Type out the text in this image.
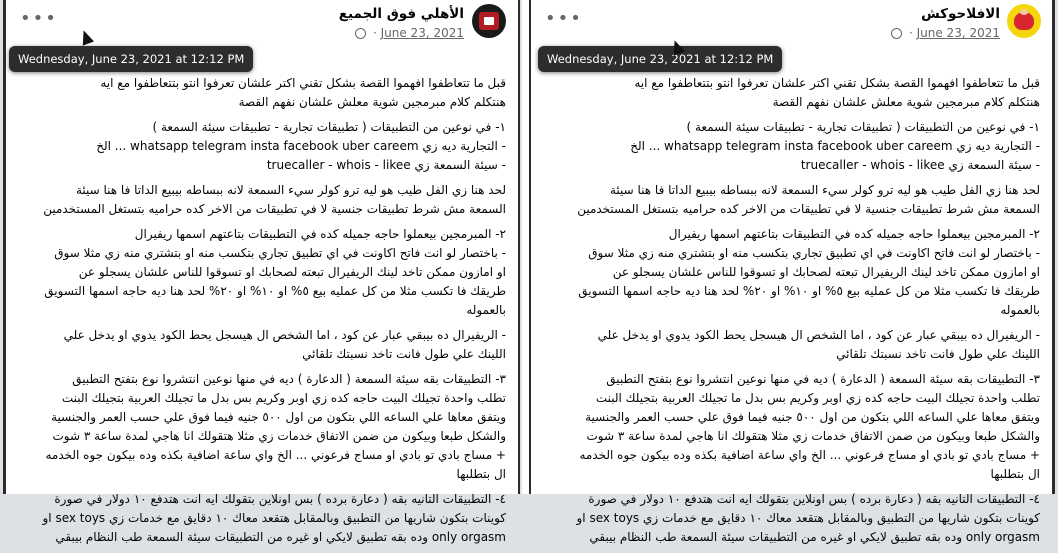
•••	الأهلي فوق الجميع
June 23, 2021 ·
Wednesday, June 23, 2021 at 12:12 PM

قبل ما تتعاطفوا افهموا القصة بشكل تقني اكتر علشان تعرفوا انتو بتتعاطفوا مع ايه
هنتكلم كلام مبرمجين شوية معلش علشان نفهم القصة

١- في نوعين من التطبيقات ( تطبيقات تجارية - تطبيقات سيئة السمعة )
- التجارية ديه زي whatsapp telegram insta facebook uber careem ... الخ
- سيئة السمعة زي truecaller - whois - likee

لحد هنا زي الفل طيب هو ليه ترو كولر سيء السمعة لانه ببساطه بيبيع الداتا فا هنا سيئة
السمعة مش شرط تطبيقات جنسية لا في تطبيقات من الاخر كده حراميه بتستغل المستخدمين

٢- المبرمجين بيعملوا حاجه جميله كده في التطبيقات بتاعتهم اسمها ريفيرال
- باختصار لو انت فاتح اكاونت في اي تطبيق تجاري بتكسب منه او بتشتري منه زي مثلا سوق
او امازون ممكن تاخد لينك الريفيرال تبعته لصحابك او تسوقوا للناس علشان يسجلو عن
طريقك فا تكسب مثلا من كل عمليه بيع ٥% او ١٠% او ٢٠% لحد هنا ديه حاجه اسمها التسويق
بالعموله

- الريفيرال ده بيبقي عبار عن كود ، اما الشخص ال هيسجل يحط الكود يدوي او يدخل علي
اللينك علي طول فانت تاخد نسبتك تلقائي

٣- التطبيقات بقه سيئة السمعة ( الدعارة ) ديه في منها نوعين انتشروا نوع بتفتح التطبيق
تطلب واحدة تجيلك البيت حاجه كده زي اوبر وكريم بس بدل ما تجيلك العربية بتجيلك البنت
ويتفق معاها علي الساعه اللي بتكون من اول ٥٠٠ جنيه فيما فوق علي حسب العمر والجنسية
والشكل طبعا وبيكون من ضمن الاتفاق خدمات زي مثلا هتقولك انا هاجي لمدة ساعة ٣ شوت
+ مساج بادي تو بادي او مساج فرعوني ... الخ واي ساعة اضافية بكذه وده بيكون جوه الخدمه
ال بتطلبها

٤- التطبيقات التانيه بقه ( دعارة برده ) بس اونلاين بتقولك ايه انت هتدفع ١٠ دولار في صورة
كوينات بتكون شاريها من التطبيق وبالمقابل هتقعد معاك ١٠ دقايق مع خدمات زي sex toys او
only orgasm وده بقه تطبيق لايكي او غيره من التطبيقات سيئة السمعة طب النظام بيبقي

•••	الافلاحوكش
June 23, 2021 ·
Wednesday, June 23, 2021 at 12:12 PM

قبل ما تتعاطفوا افهموا القصة بشكل تقني اكتر علشان تعرفوا انتو بتتعاطفوا مع ايه
هنتكلم كلام مبرمجين شوية معلش علشان نفهم القصة

١- في نوعين من التطبيقات ( تطبيقات تجارية - تطبيقات سيئة السمعة )
- التجارية ديه زي whatsapp telegram insta facebook uber careem ... الخ
- سيئة السمعة زي truecaller - whois - likee

لحد هنا زي الفل طيب هو ليه ترو كولر سيء السمعة لانه ببساطه بيبيع الداتا فا هنا سيئة
السمعة مش شرط تطبيقات جنسية لا في تطبيقات من الاخر كده حراميه بتستغل المستخدمين

٢- المبرمجين بيعملوا حاجه جميله كده في التطبيقات بتاعتهم اسمها ريفيرال
- باختصار لو انت فاتح اكاونت في اي تطبيق تجاري بتكسب منه او بتشتري منه زي مثلا سوق
او امازون ممكن تاخد لينك الريفيرال تبعته لصحابك او تسوقوا للناس علشان يسجلو عن
طريقك فا تكسب مثلا من كل عمليه بيع ٥% او ١٠% او ٢٠% لحد هنا ديه حاجه اسمها التسويق
بالعموله

- الريفيرال ده بيبقي عبار عن كود ، اما الشخص ال هيسجل يحط الكود يدوي او يدخل علي
اللينك علي طول فانت تاخد نسبتك تلقائي

٣- التطبيقات بقه سيئة السمعة ( الدعارة ) ديه في منها نوعين انتشروا نوع بتفتح التطبيق
تطلب واحدة تجيلك البيت حاجه كده زي اوبر وكريم بس بدل ما تجيلك العربية بتجيلك البنت
ويتفق معاها علي الساعه اللي بتكون من اول ٥٠٠ جنيه فيما فوق علي حسب العمر والجنسية
والشكل طبعا وبيكون من ضمن الاتفاق خدمات زي مثلا هتقولك انا هاجي لمدة ساعة ٣ شوت
+ مساج بادي تو بادي او مساج فرعوني ... الخ واي ساعة اضافية بكذه وده بيكون جوه الخدمه
ال بتطلبها

٤- التطبيقات التانيه بقه ( دعارة برده ) بس اونلاين بتقولك ايه انت هتدفع ١٠ دولار في صورة
كوينات بتكون شاريها من التطبيق وبالمقابل هتقعد معاك ١٠ دقايق مع خدمات زي sex toys او
only orgasm وده بقه تطبيق لايكي او غيره من التطبيقات سيئة السمعة طب النظام بيبقي
